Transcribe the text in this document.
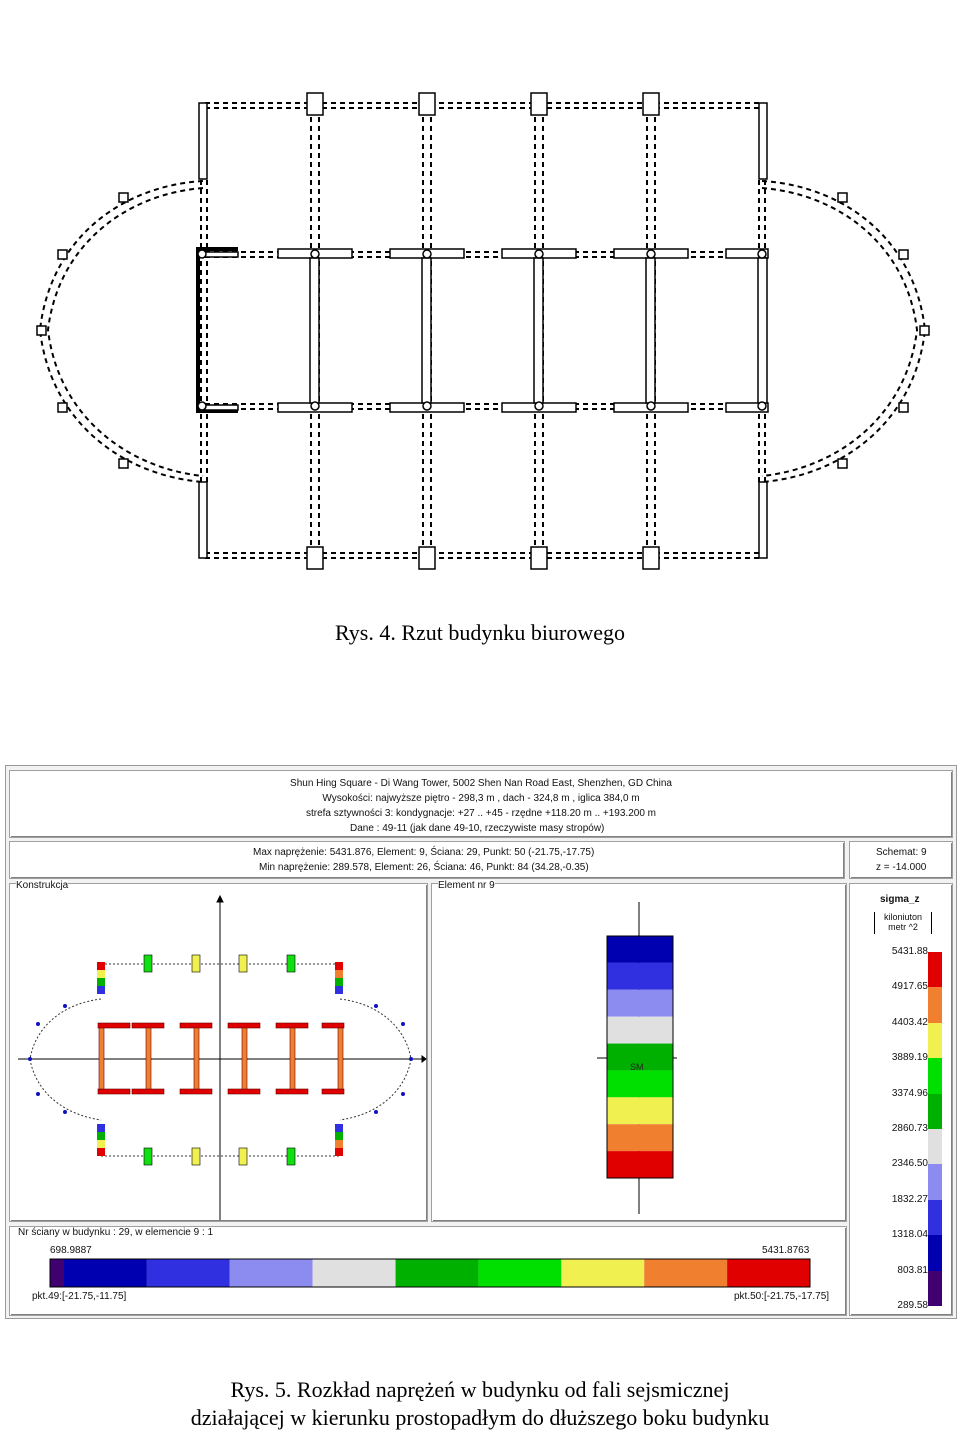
Rys. 4. Rzut budynku biurowego
Shun Hing Square - Di Wang Tower, 5002 Shen Nan Road East, Shenzhen, GD China
Wysokości: najwyższe piętro - 298,3 m , dach - 324,8 m , iglica 384,0 m
strefa sztywności 3: kondygnacje: +27 .. +45 - rzędne +118.20 m .. +193.200 m
Dane : 49-11 (jak dane 49-10, rzeczywiste masy stropów)
Max naprężenie: 5431.876, Element: 9, Ściana: 29, Punkt: 50 (-21.75,-17.75)
Min naprężenie: 289.578, Element: 26, Ściana: 46, Punkt: 84 (34.28,-0.35)
Schemat: 9
z = -14.000
Konstrukcja	Element nr 9
SM
Nr ściany w budynku : 29, w elemencie 9 : 1
698.9887	5431.8763
pkt.49:[-21.75,-11.75]	pkt.50:[-21.75,-17.75]
sigma_z
kiloniuton
metr ^2
5431.88
4917.65
4403.42
3889.19
3374.96
2860.73
2346.50
1832.27
1318.04
803.81
289.58
Rys. 5. Rozkład naprężeń w budynku od fali sejsmicznej
działającej w kierunku prostopadłym do dłuższego boku budynku
